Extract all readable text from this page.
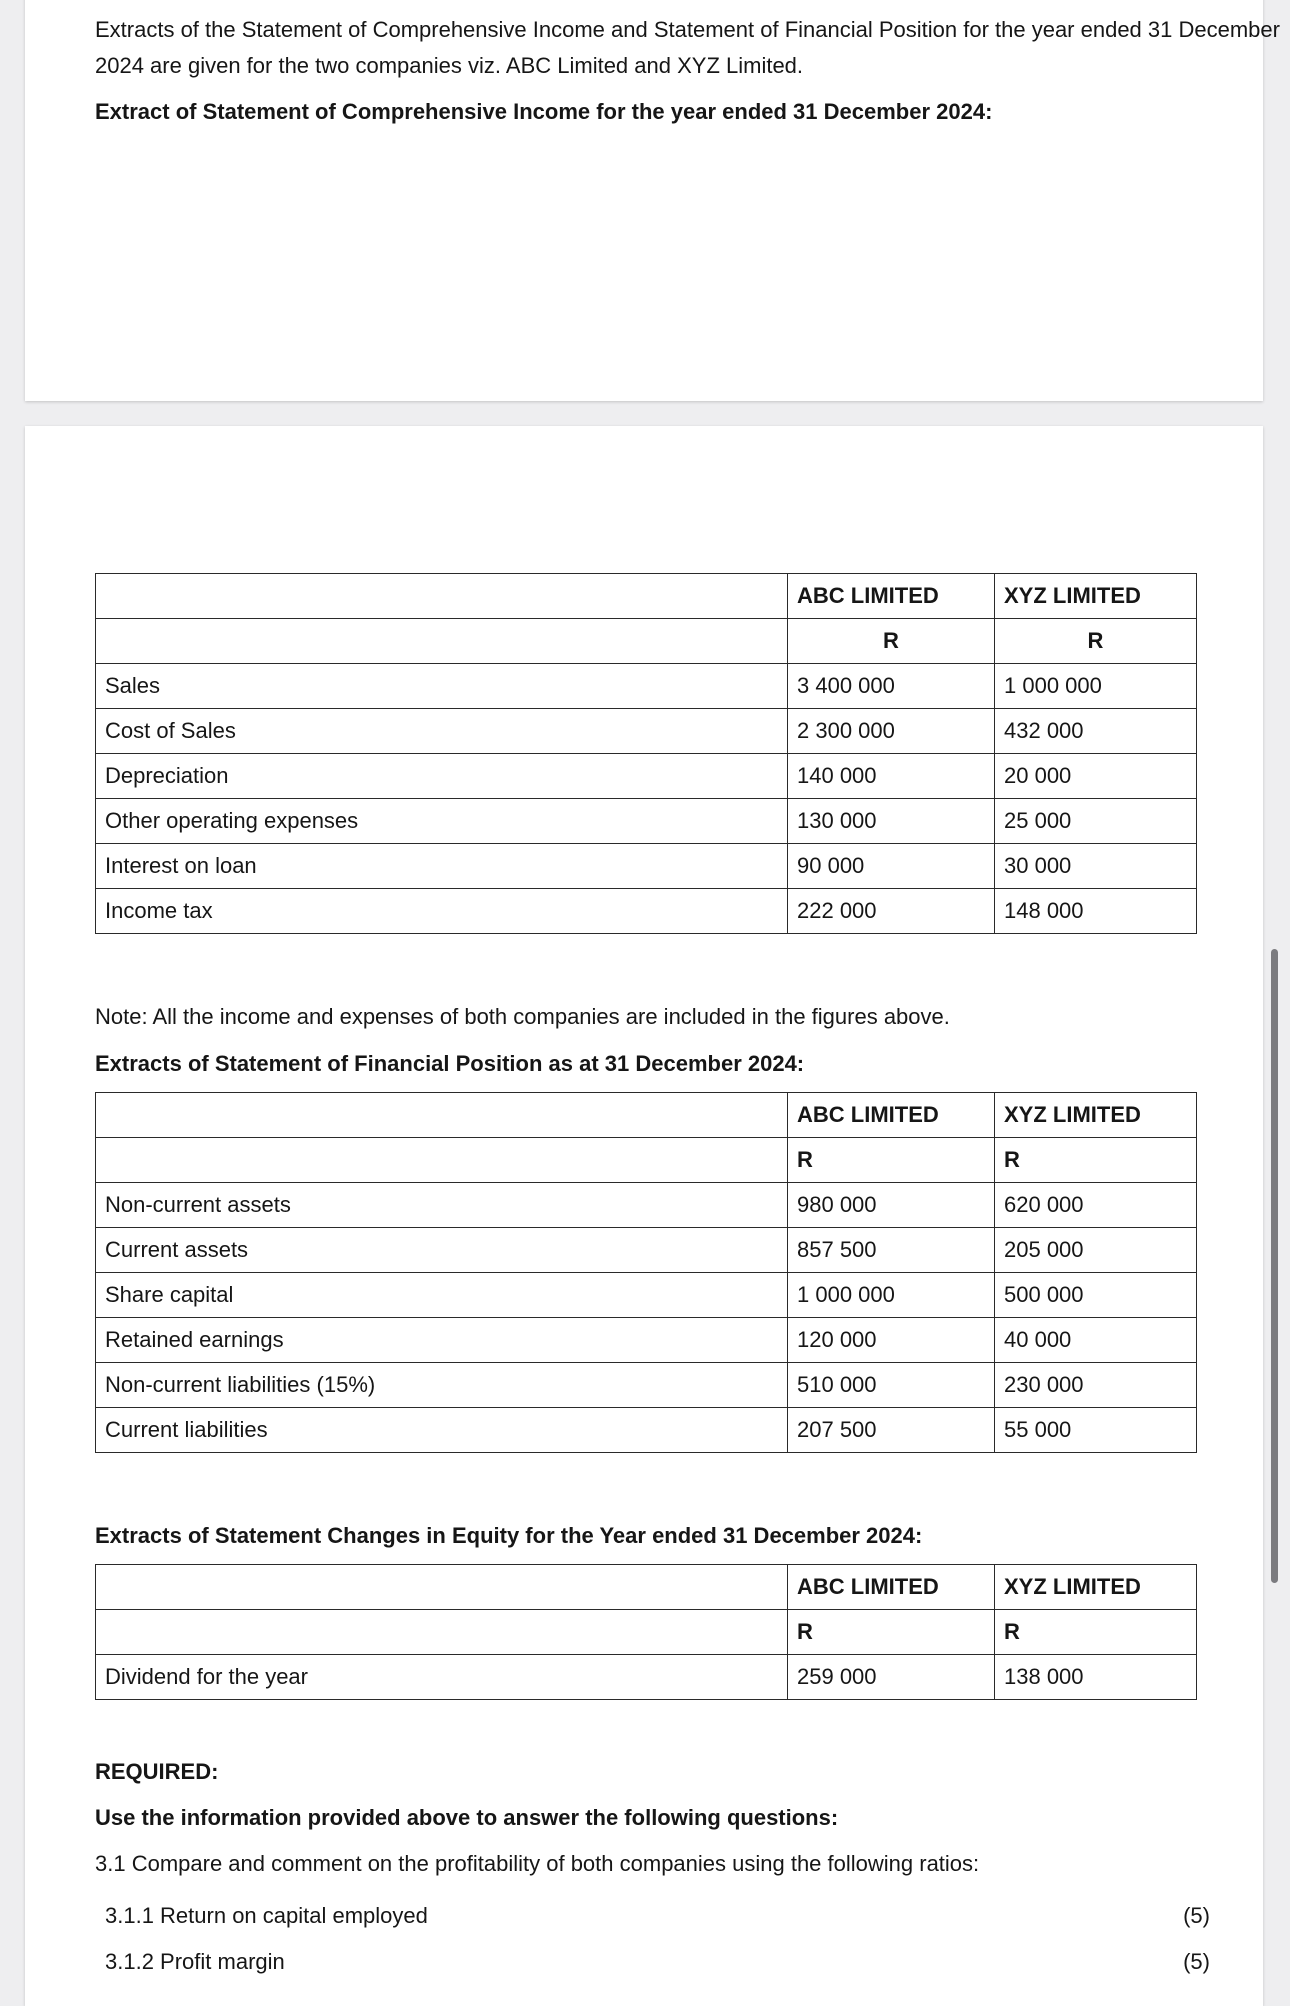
Extracts of the Statement of Comprehensive Income and Statement of Financial Position for the year ended 31 December
2024 are given for the two companies viz. ABC Limited and XYZ Limited.
Extract of Statement of Comprehensive Income for the year ended 31 December 2024:
	ABC LIMITED	XYZ LIMITED
	R	R
Sales	3 400 000	1 000 000
Cost of Sales	2 300 000	432 000
Depreciation	140 000	20 000
Other operating expenses	130 000	25 000
Interest on loan	90 000	30 000
Income tax	222 000	148 000
Note: All the income and expenses of both companies are included in the figures above.
Extracts of Statement of Financial Position as at 31 December 2024:
	ABC LIMITED	XYZ LIMITED
	R	R
Non-current assets	980 000	620 000
Current assets	857 500	205 000
Share capital	1 000 000	500 000
Retained earnings	120 000	40 000
Non-current liabilities (15%)	510 000	230 000
Current liabilities	207 500	55 000
Extracts of Statement Changes in Equity for the Year ended 31 December 2024:
	ABC LIMITED	XYZ LIMITED
	R	R
Dividend for the year	259 000	138 000
REQUIRED:
Use the information provided above to answer the following questions:
3.1 Compare and comment on the profitability of both companies using the following ratios:
3.1.1 Return on capital employed	(5)
3.1.2 Profit margin	(5)
